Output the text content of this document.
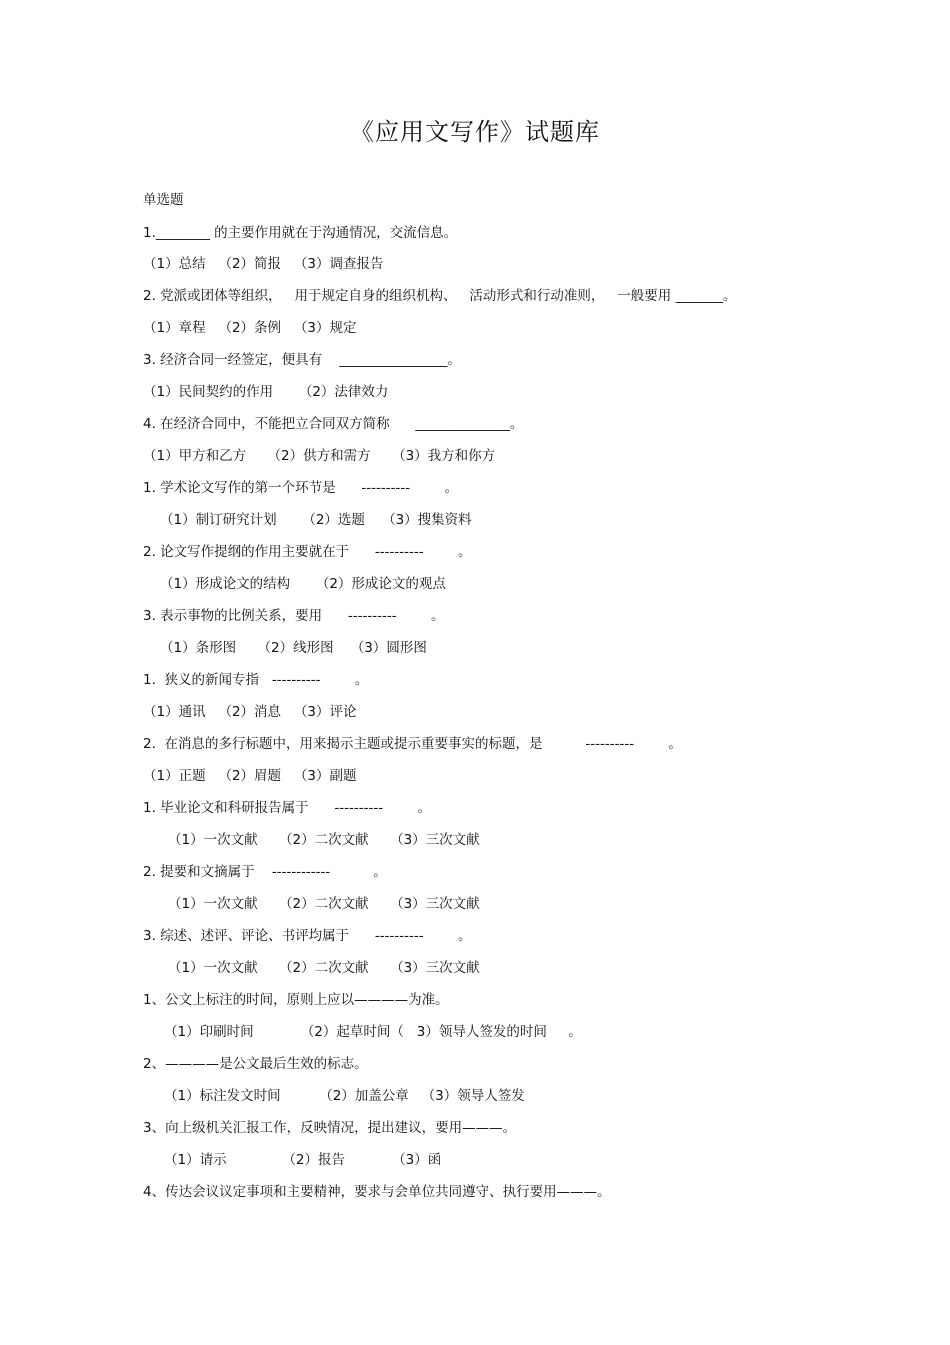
《应用文写作》试题库
单选题
1.________ 的主要作用就在于沟通情况，交流信息。
（1）总结   （2）简报   （3）调查报告
2. 党派或团体等组织，   用于规定自身的组织机构、   活动形式和行动准则，   一般要用 _______。
（1）章程   （2）条例   （3）规定
3. 经济合同一经签定，便具有    ________________。
（1）民间契约的作用      （2）法律效力
4. 在经济合同中，不能把立合同双方简称      ______________。
（1）甲方和乙方     （2）供方和需方     （3）我方和你方
1. 学术论文写作的第一个环节是      ----------        。
（1）制订研究计划      （2）选题    （3）搜集资料
2. 论文写作提纲的作用主要就在于      ----------        。
（1）形成论文的结构      （2）形成论文的观点
3. 表示事物的比例关系，要用      ----------        。
（1）条形图     （2）线形图    （3）圆形图
1.  狭义的新闻专指   ----------        。
（1）通讯   （2）消息   （3）评论
2.  在消息的多行标题中，用来揭示主题或提示重要事实的标题，是          ----------        。
（1）正题   （2）眉题   （3）副题
1. 毕业论文和科研报告属于      ----------        。
（1）一次文献     （2）二次文献     （3）三次文献
2. 提要和文摘属于    ------------          。
（1）一次文献     （2）二次文献     （3）三次文献
3. 综述、述评、评论、书评均属于      ----------        。
（1）一次文献     （2）二次文献     （3）三次文献
1、公文上标注的时间，原则上应以————为准。
（1）印刷时间           （2）起草时间（   3）领导人签发的时间     。
2、————是公文最后生效的标志。
（1）标注发文时间         （2）加盖公章   （3）领导人签发
3、向上级机关汇报工作，反映情况，提出建议，要用———。
（1）请示             （2）报告           （3）函
4、传达会议议定事项和主要精神，要求与会单位共同遵守、执行要用———。
